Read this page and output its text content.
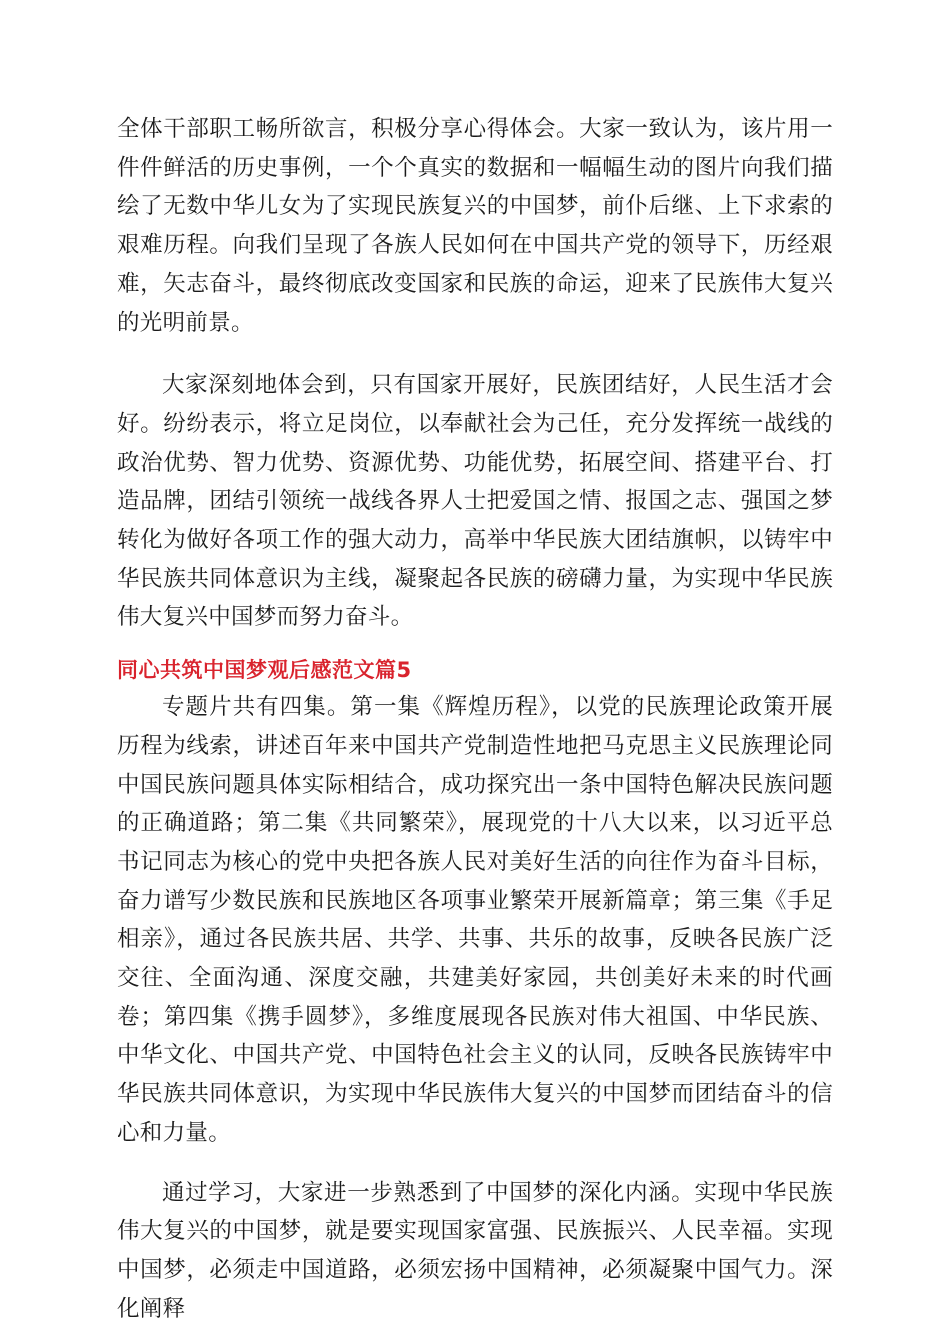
全体干部职工畅所欲言，积极分享心得体会。大家一致认为，该片用一件件鲜活的历史事例，一个个真实的数据和一幅幅生动的图片向我们描绘了无数中华儿女为了实现民族复兴的中国梦，前仆后继、上下求索的艰难历程。向我们呈现了各族人民如何在中国共产党的领导下，历经艰难，矢志奋斗，最终彻底改变国家和民族的命运，迎来了民族伟大复兴的光明前景。

大家深刻地体会到，只有国家开展好，民族团结好，人民生活才会好。纷纷表示，将立足岗位，以奉献社会为己任，充分发挥统一战线的政治优势、智力优势、资源优势、功能优势，拓展空间、搭建平台、打造品牌，团结引领统一战线各界人士把爱国之情、报国之志、强国之梦转化为做好各项工作的强大动力，高举中华民族大团结旗帜，以铸牢中华民族共同体意识为主线，凝聚起各民族的磅礴力量，为实现中华民族伟大复兴中国梦而努力奋斗。

同心共筑中国梦观后感范文篇5

专题片共有四集。第一集《辉煌历程》，以党的民族理论政策开展历程为线索，讲述百年来中国共产党制造性地把马克思主义民族理论同中国民族问题具体实际相结合，成功探究出一条中国特色解决民族问题的正确道路；第二集《共同繁荣》，展现党的十八大以来，以习近平总书记同志为核心的党中央把各族人民对美好生活的向往作为奋斗目标，奋力谱写少数民族和民族地区各项事业繁荣开展新篇章；第三集《手足相亲》，通过各民族共居、共学、共事、共乐的故事，反映各民族广泛交往、全面沟通、深度交融，共建美好家园，共创美好未来的时代画卷；第四集《携手圆梦》，多维度展现各民族对伟大祖国、中华民族、中华文化、中国共产党、中国特色社会主义的认同，反映各民族铸牢中华民族共同体意识，为实现中华民族伟大复兴的中国梦而团结奋斗的信心和力量。

通过学习，大家进一步熟悉到了中国梦的深化内涵。实现中华民族伟大复兴的中国梦，就是要实现国家富强、民族振兴、人民幸福。实现中国梦，必须走中国道路，必须宏扬中国精神，必须凝聚中国气力。深化阐释
